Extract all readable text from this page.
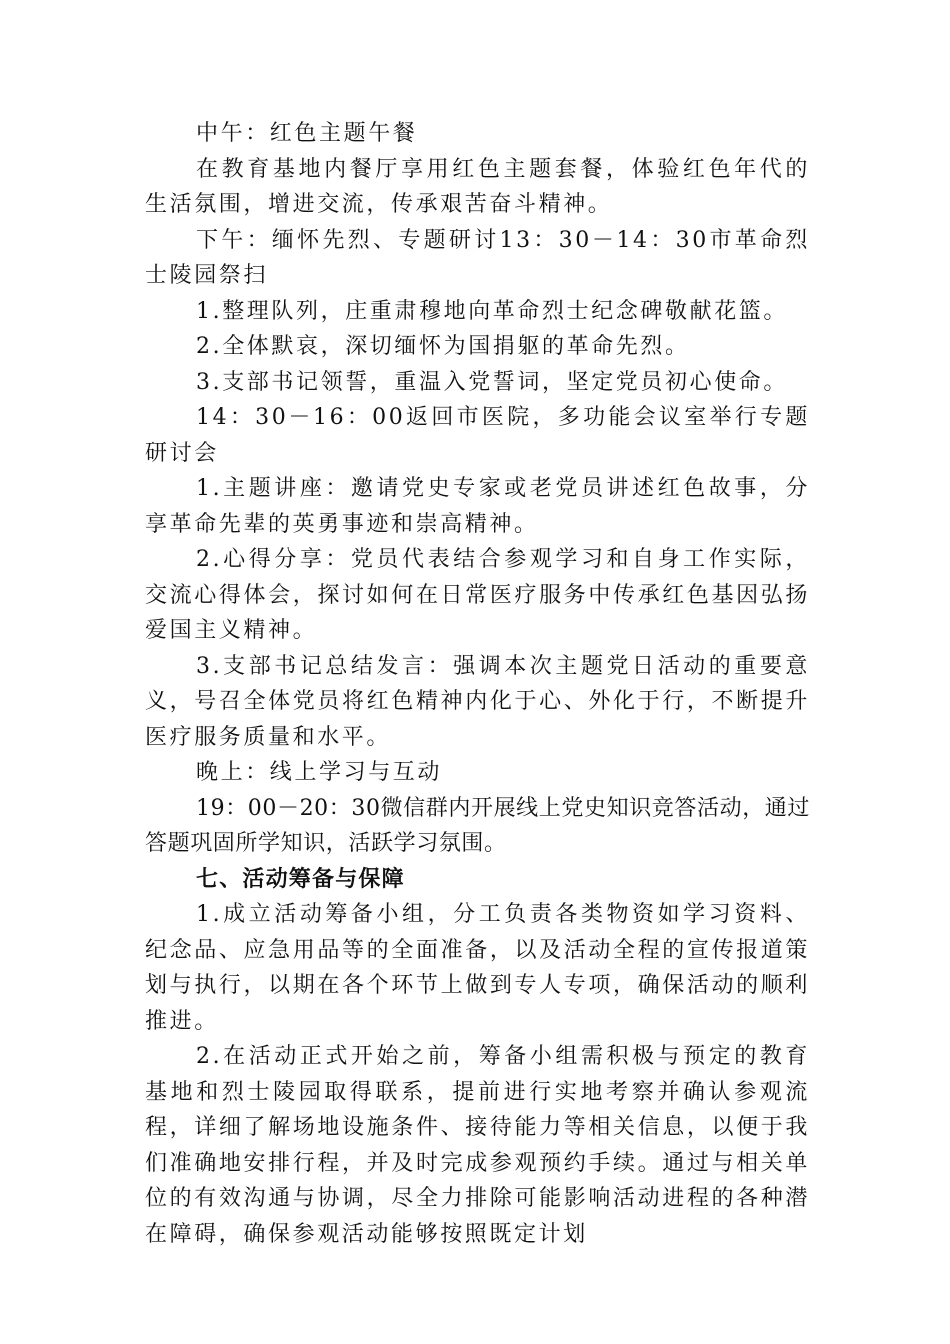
中午：红色主题午餐

在教育基地内餐厅享用红色主题套餐，体验红色年代的生活氛围，增进交流，传承艰苦奋斗精神。

下午：缅怀先烈、专题研讨13：30－14：30市革命烈士陵园祭扫

1.整理队列，庄重肃穆地向革命烈士纪念碑敬献花篮。

2.全体默哀，深切缅怀为国捐躯的革命先烈。

3.支部书记领誓，重温入党誓词，坚定党员初心使命。

14：30－16：00返回市医院，多功能会议室举行专题研讨会

1.主题讲座：邀请党史专家或老党员讲述红色故事，分享革命先辈的英勇事迹和崇高精神。

2.心得分享：党员代表结合参观学习和自身工作实际，交流心得体会，探讨如何在日常医疗服务中传承红色基因弘扬爱国主义精神。

3.支部书记总结发言：强调本次主题党日活动的重要意义，号召全体党员将红色精神内化于心、外化于行，不断提升医疗服务质量和水平。

晚上：线上学习与互动

19：00－20：30微信群内开展线上党史知识竞答活动，通过答题巩固所学知识，活跃学习氛围。

七、活动筹备与保障

1.成立活动筹备小组，分工负责各类物资如学习资料、纪念品、应急用品等的全面准备，以及活动全程的宣传报道策划与执行，以期在各个环节上做到专人专项，确保活动的顺利推进。

2.在活动正式开始之前，筹备小组需积极与预定的教育基地和烈士陵园取得联系，提前进行实地考察并确认参观流程，详细了解场地设施条件、接待能力等相关信息，以便于我们准确地安排行程，并及时完成参观预约手续。通过与相关单位的有效沟通与协调，尽全力排除可能影响活动进程的各种潜在障碍，确保参观活动能够按照既定计划
